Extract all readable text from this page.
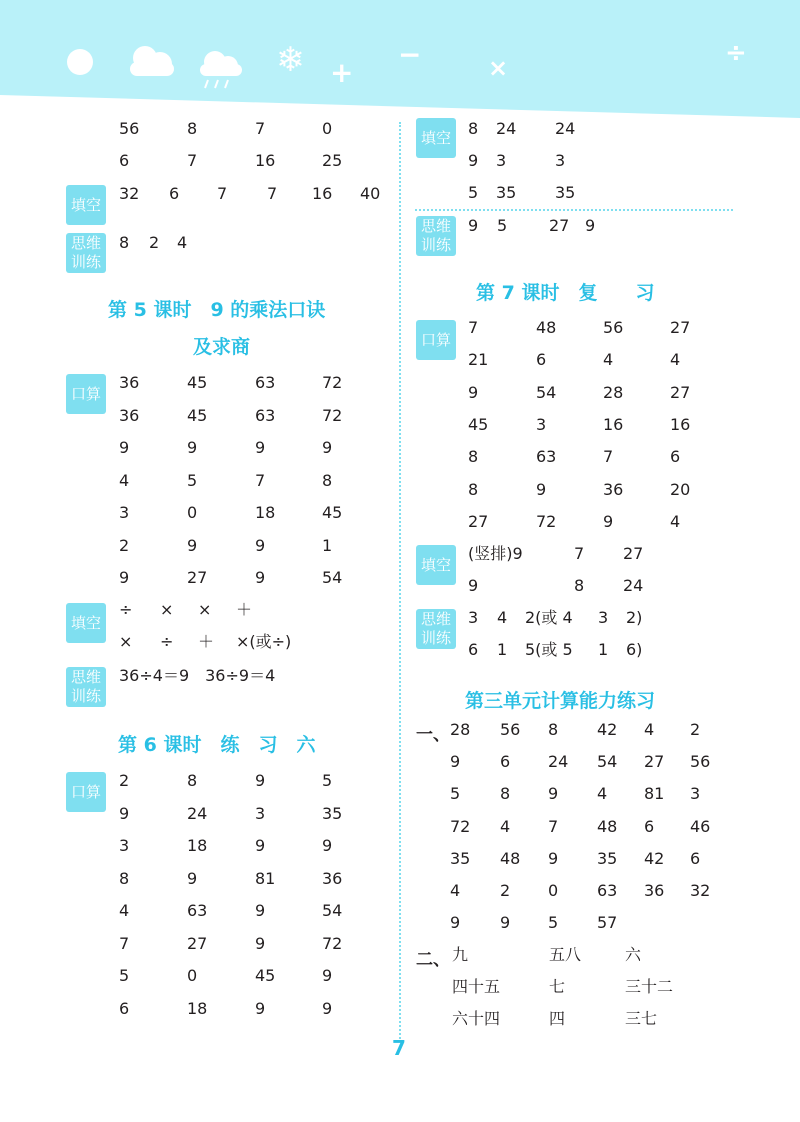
❄ +
−	×	÷
56	8	7	0
6	7	16	25
填空
32 6 7 7 16 40
思维
训练
8 2 4
第 5 课时　9 的乘法口诀
及求商
口算
36	45	63	72
36	45	63	72
9	9	9	9
4	5	7	8
3	0	18	45
2	9	9	1
9	27	9	54
填空
÷ × × ＋
× ÷ ＋ ×(或÷)
思维
训练
36÷4＝9　36÷9＝4
第 6 课时　练　习　六
口算
2	8	9	5
9	24	3	35
3	18	9	9
8	9	81	36
4	63	9	54
7	27	9	72
5	0	45	9
6	18	9	9
填空 8 24 24
9 3	3
5 35 35
思维
训练
9 5	27 9
第 7 课时　复　　习
口算
7	48	56	27
21	6	4	4
9	54	28	27
45	3	16	16
8	63	7	6
8	9	36	20
27	72	9	4
填空
(竖排)9	7 27
9	8 24
思维
训练
3 4 2(或 4 3 2)
6 1 5(或 5 1 6)
第三单元计算能力练习
一、 28 56 8 42 4 2
9 6 24 54 27 56
5 8 9 4 81 3
72 4 7 48 6 46
35 48 9 35 42 6
4 2 0 63 36 32
9 9 5 57
二、 九	五八	六
四十五	七	三十二
六十四	四	三七
7
